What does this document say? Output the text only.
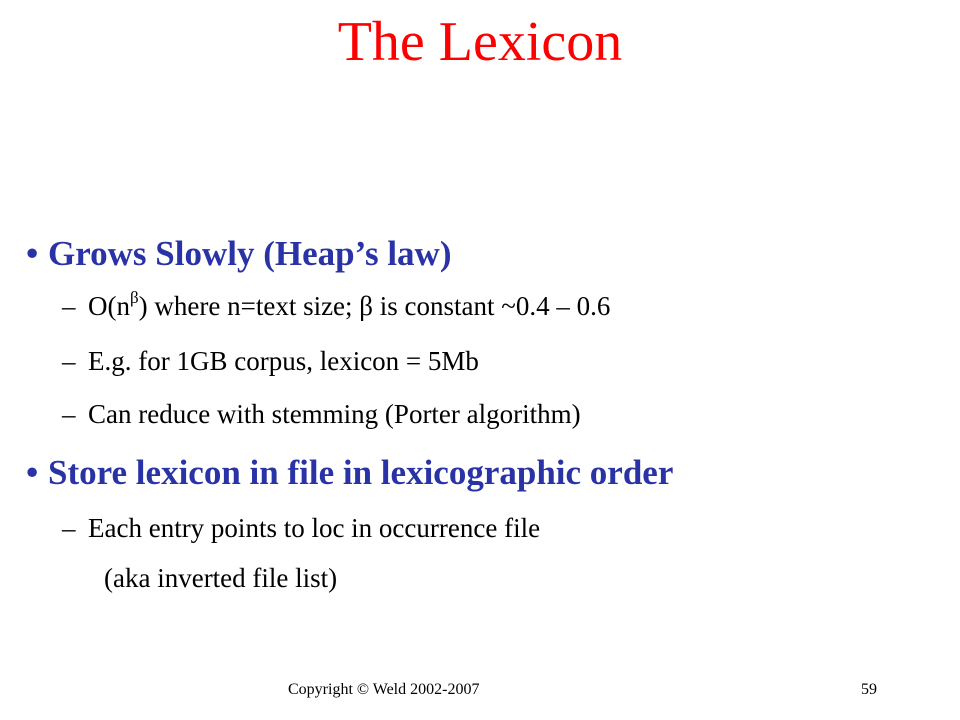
The Lexicon
• Grows Slowly (Heap’s law)
– $O(n^\beta)$ where n=text size; β is constant ~0.4 – 0.6
– E.g. for 1GB corpus, lexicon = 5Mb
– Can reduce with stemming (Porter algorithm)
• Store lexicon in file in lexicographic order
– Each entry points to loc in occurrence file
(aka inverted file list)
Copyright © Weld 2002-2007	59
